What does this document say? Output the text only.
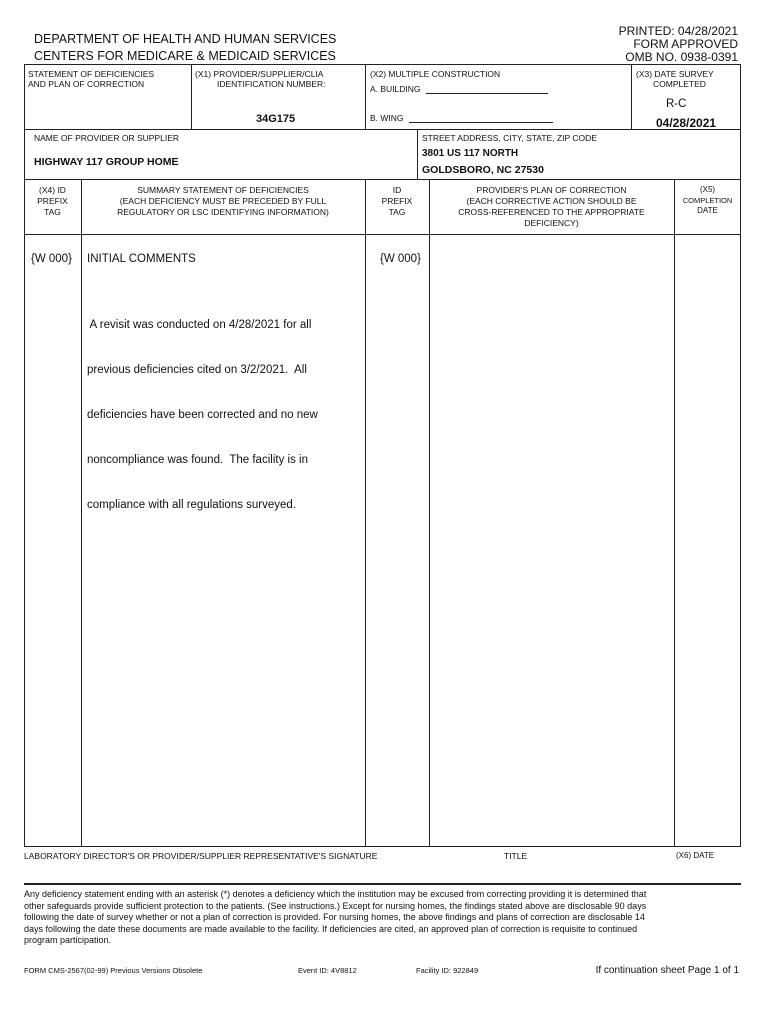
DEPARTMENT OF HEALTH AND HUMAN SERVICES
CENTERS FOR MEDICARE & MEDICAID SERVICES
PRINTED: 04/28/2021
FORM APPROVED
OMB NO. 0938-0391
STATEMENT OF DEFICIENCIES
AND PLAN OF CORRECTION
(X1) PROVIDER/SUPPLIER/CLIA
IDENTIFICATION NUMBER:
34G175
(X2) MULTIPLE CONSTRUCTION
A. BUILDING
B. WING
(X3) DATE SURVEY
COMPLETED
R-C
04/28/2021
NAME OF PROVIDER OR SUPPLIER
HIGHWAY 117 GROUP HOME
STREET ADDRESS, CITY, STATE, ZIP CODE
3801 US 117 NORTH
GOLDSBORO, NC 27530
(X4) ID
PREFIX
TAG
SUMMARY STATEMENT OF DEFICIENCIES
(EACH DEFICIENCY MUST BE PRECEDED BY FULL
REGULATORY OR LSC IDENTIFYING INFORMATION)
ID
PREFIX
TAG
PROVIDER'S PLAN OF CORRECTION
(EACH CORRECTIVE ACTION SHOULD BE
CROSS-REFERENCED TO THE APPROPRIATE
DEFICIENCY)
(X5)
COMPLETION
DATE
{W 000} INITIAL COMMENTS	{W 000}

A revisit was conducted on 4/28/2021 for all

previous deficiencies cited on 3/2/2021.  All

deficiencies have been corrected and no new

noncompliance was found.  The facility is in

compliance with all regulations surveyed.

LABORATORY DIRECTOR'S OR PROVIDER/SUPPLIER REPRESENTATIVE'S SIGNATURE	TITLE	(X6) DATE
Any deficiency statement ending with an asterisk (*) denotes a deficiency which the institution may be excused from correcting providing it is determined that
other safeguards provide sufficient protection to the patients. (See instructions.) Except for nursing homes, the findings stated above are disclosable 90 days
following the date of survey whether or not a plan of correction is provided. For nursing homes, the above findings and plans of correction are disclosable 14
days following the date these documents are made available to the facility. If deficiencies are cited, an approved plan of correction is requisite to continued
program participation.
FORM CMS-2567(02-99) Previous Versions Obsolete	Event ID: 4V8812	Facility ID: 922849	If continuation sheet Page 1 of 1
